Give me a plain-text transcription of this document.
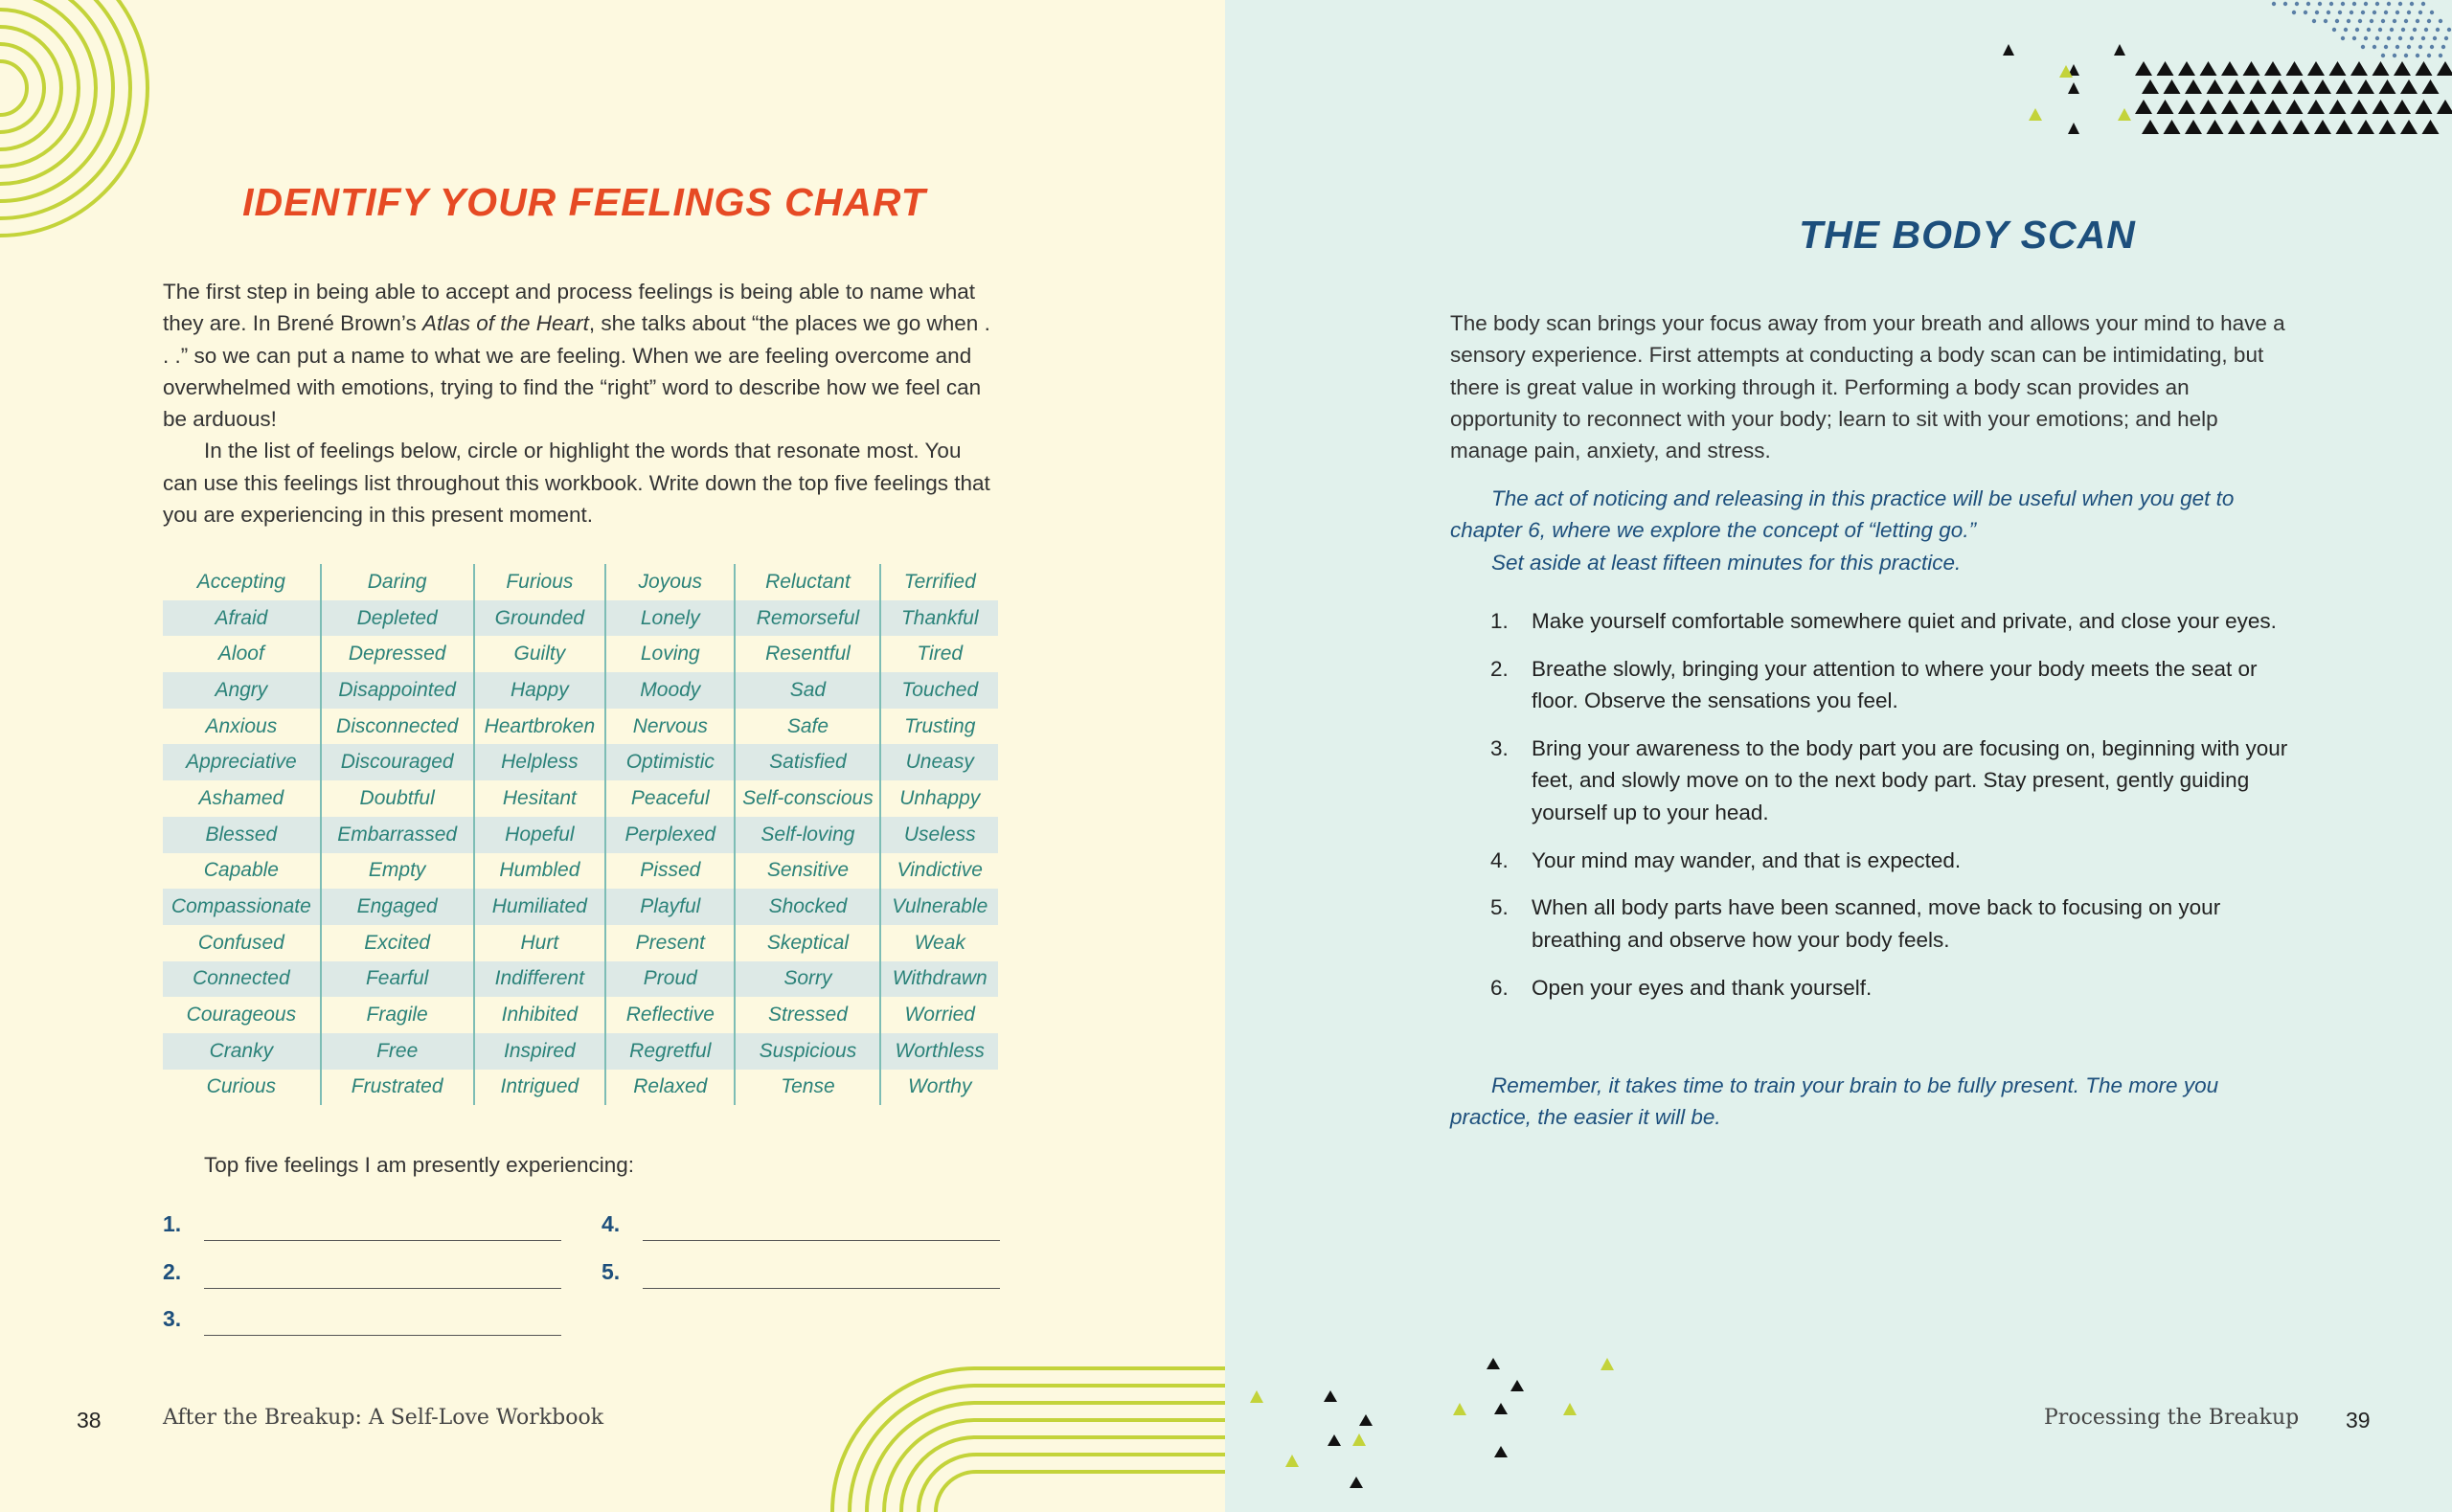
IDENTIFY YOUR FEELINGS CHART

The first step in being able to accept and process feelings is being able to name what they are. In Brené Brown’s Atlas of the Heart, she talks about “the places we go when . . .” so we can put a name to what we are feeling. When we are feeling overcome and overwhelmed with emotions, trying to find the “right” word to describe how we feel can be arduous!

In the list of feelings below, circle or highlight the words that resonate most. You can use this feelings list throughout this workbook. Write down the top five feelings that you are experiencing in this present moment.

Accepting	Daring	Furious	Joyous	Reluctant	Terrified
Afraid	Depleted	Grounded	Lonely	Remorseful	Thankful
Aloof	Depressed	Guilty	Loving	Resentful	Tired
Angry	Disappointed	Happy	Moody	Sad	Touched
Anxious	Disconnected	Heartbroken	Nervous	Safe	Trusting
Appreciative	Discouraged	Helpless	Optimistic	Satisfied	Uneasy
Ashamed	Doubtful	Hesitant	Peaceful	Self-conscious	Unhappy
Blessed	Embarrassed	Hopeful	Perplexed	Self-loving	Useless
Capable	Empty	Humbled	Pissed	Sensitive	Vindictive
Compassionate	Engaged	Humiliated	Playful	Shocked	Vulnerable
Confused	Excited	Hurt	Present	Skeptical	Weak
Connected	Fearful	Indifferent	Proud	Sorry	Withdrawn
Courageous	Fragile	Inhibited	Reflective	Stressed	Worried
Cranky	Free	Inspired	Regretful	Suspicious	Worthless
Curious	Frustrated	Intrigued	Relaxed	Tense	Worthy

Top five feelings I am presently experiencing:

1.
2.
3.
4.
5.
38	After the Breakup: A Self-Love Workbook
THE BODY SCAN

The body scan brings your focus away from your breath and allows your mind to have a sensory experience. First attempts at conducting a body scan can be intimidating, but there is great value in working through it. Performing a body scan provides an opportunity to reconnect with your body; learn to sit with your emotions; and help manage pain, anxiety, and stress.

The act of noticing and releasing in this practice will be useful when you get to chapter 6, where we explore the concept of “letting go.”

Set aside at least fifteen minutes for this practice.

1. Make yourself comfortable somewhere quiet and private, and close your eyes.
2. Breathe slowly, bringing your attention to where your body meets the seat or floor. Observe the sensations you feel.
3. Bring your awareness to the body part you are focusing on, beginning with your feet, and slowly move on to the next body part. Stay present, gently guiding yourself up to your head.
4. Your mind may wander, and that is expected.
5. When all body parts have been scanned, move back to focusing on your breathing and observe how your body feels.
6. Open your eyes and thank yourself.

Remember, it takes time to train your brain to be fully present. The more you practice, the easier it will be.

Processing the Breakup 39
